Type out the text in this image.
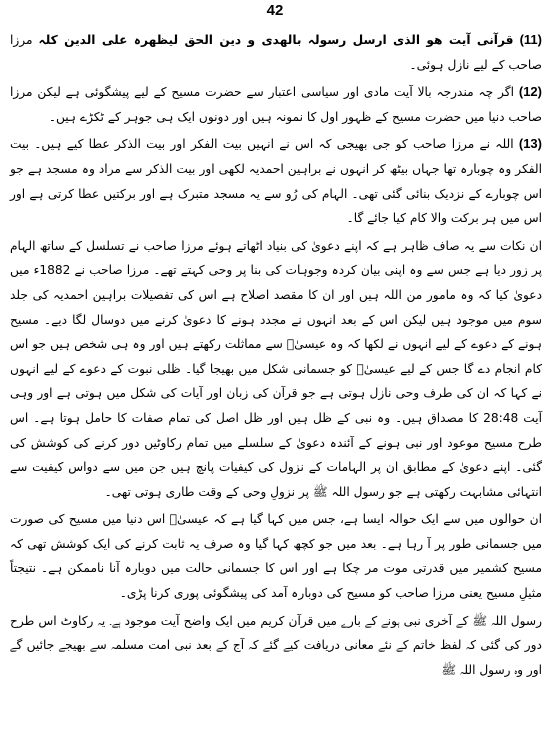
42

(11) قرآنی آیت ھو الذی ارسل رسولہ بالھدی و دین الحق لیظھرہ علی الدین کلہ مرزا صاحب کے لیے نازل ہوئی۔

(12) اگر چہ مندرجہ بالا آیت مادی اور سیاسی اعتبار سے حضرت مسیح کے لیے پیشگوئی ہے لیکن مرزا صاحب دنیا میں حضرت مسیح کے ظہور اول کا نمونہ ہیں اور دونوں ایک ہی جوہر کے ٹکڑے ہیں۔

(13) اللہ نے مرزا صاحب کو جی بھیجی کہ اس نے انہیں بیت الفکر اور بیت الذکر عطا کیے ہیں۔ بیت الفکر وہ چوبارہ تھا جہاں بیٹھ کر انہوں نے براہین احمدیہ لکھی اور بیت الذکر سے مراد وہ مسجد ہے جو اس چوبارے کے نزدیک بنائی گئی تھی۔ الہام کی رُو سے یہ مسجد متبرک ہے اور برکتیں عطا کرتی ہے اور اس میں ہر برکت والا کام کیا جائے گا۔

ان نکات سے یہ صاف ظاہر ہے کہ اپنے دعویٰ کی بنیاد اٹھاتے ہوئے مرزا صاحب نے تسلسل کے ساتھ الہام پر زور دیا ہے جس سے وہ اپنی بیان کردہ وجوہات کی بنا پر وحی کہتے تھے۔ مرزا صاحب نے 1882ء میں دعویٰ کیا کہ وہ مامور من اللہ ہیں اور ان کا مقصد اصلاح ہے اس کی تفصیلات براہین احمدیہ کی جلد سوم میں موجود ہیں لیکن اس کے بعد انہوں نے مجدد ہونے کا دعویٰ کرنے میں دوسال لگا دیے۔ مسیح ہونے کے دعوے کے لیے انہوں نے لکھا کہ وہ عیسیٰؑ سے مماثلت رکھتے ہیں اور وہ ہی شخص ہیں جو اس کام انجام دے گا جس کے لیے عیسیٰؑ کو جسمانی شکل میں بھیجا گیا۔ ظلی نبوت کے دعوے کے لیے انہوں نے کہا کہ ان کی طرف وحی نازل ہوتی ہے جو قرآن کی زبان اور آیات کی شکل میں ہوتی ہے اور وہی آیت 28:48 کا مصداق ہیں۔ وہ نبی کے ظل ہیں اور ظل اصل کی تمام صفات کا حامل ہوتا ہے۔ اس طرح مسیح موعود اور نبی ہونے کے آئندہ دعویٰ کے سلسلے میں تمام رکاوٹیں دور کرنے کی کوشش کی گئی۔ اپنے دعویٰ کے مطابق ان پر الہامات کے نزول کی کیفیات پانچ ہیں جن میں سے دواس کیفیت سے انتہائی مشابہت رکھتی ہے جو رسول اللہ ﷺ پر نزولِ وحی کے وقت طاری ہوتی تھی۔

ان حوالوں میں سے ایک حوالہ ایسا ہے، جس میں کہا گیا ہے کہ عیسیٰؑ اس دنیا میں مسیح کی صورت میں جسمانی طور پر آ رہا ہے۔ بعد میں جو کچھ کہا گیا وہ صرف یہ ثابت کرنے کی ایک کوشش تھی کہ مسیح کشمیر میں قدرتی موت مر چکا ہے اور اس کا جسمانی حالت میں دوبارہ آنا ناممکن ہے۔ نتیجتاً مثیلِ مسیح یعنی مرزا صاحب کو مسیح کی دوبارہ آمد کی پیشگوئی پوری کرنا پڑی۔

رسول اللہ ﷺ کے آخری نبی ہونے کے بارے میں قرآن کریم میں ایک واضح آیت موجود ہے۔ یہ رکاوٹ اس طرح دور کی گئی کہ لفظ خاتم کے نئے معانی دریافت کیے گئے کہ آج کے بعد نبی امت مسلمہ سے بھیجے جائیں گے اور وہ رسول اللہ ﷺ
